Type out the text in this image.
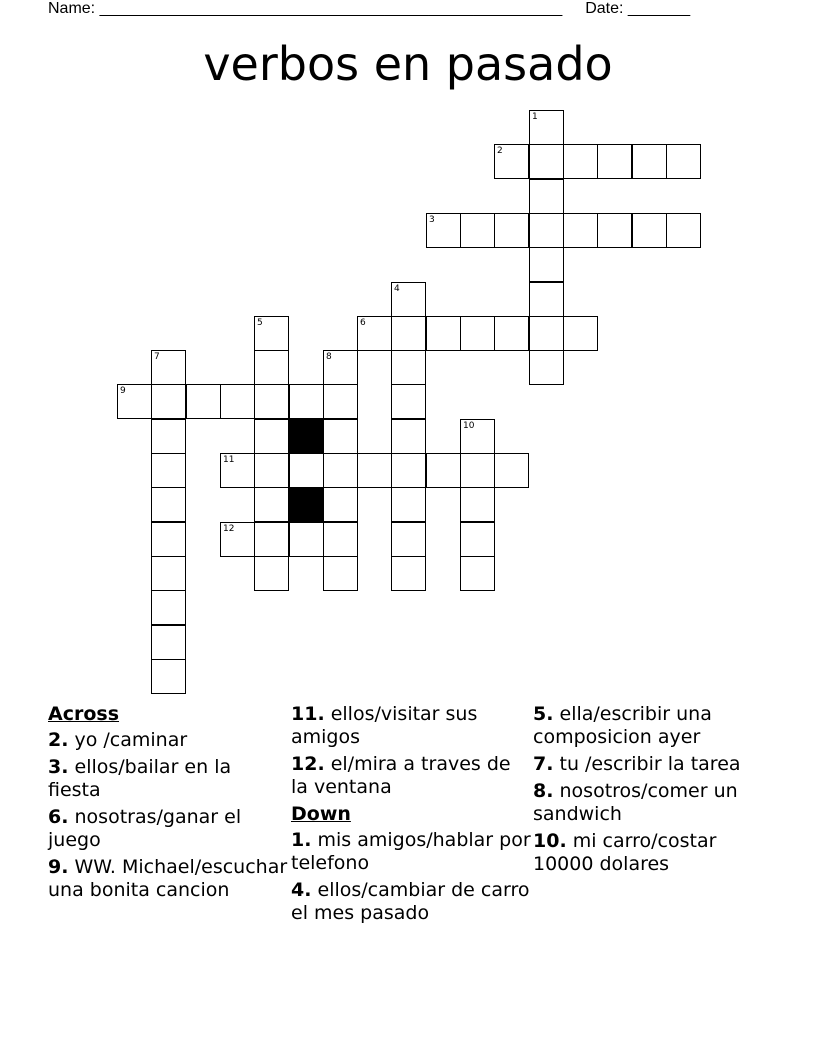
Name: ____________________________________________________ Date: _______
verbos en pasado
1
2
3
4
5	6
7	8
9
10
11
12
Across
2. yo /caminar
3. ellos/bailar en la fiesta
6. nosotras/ganar el juego
9. WW. Michael/escuchar una bonita cancion
11. ellos/visitar sus amigos
12. el/mira a traves de la ventana
Down
1. mis amigos/hablar por telefono
4. ellos/cambiar de carro el mes pasado
5. ella/escribir una composicion ayer
7. tu /escribir la tarea
8. nosotros/comer un sandwich
10. mi carro/costar 10000 dolares
